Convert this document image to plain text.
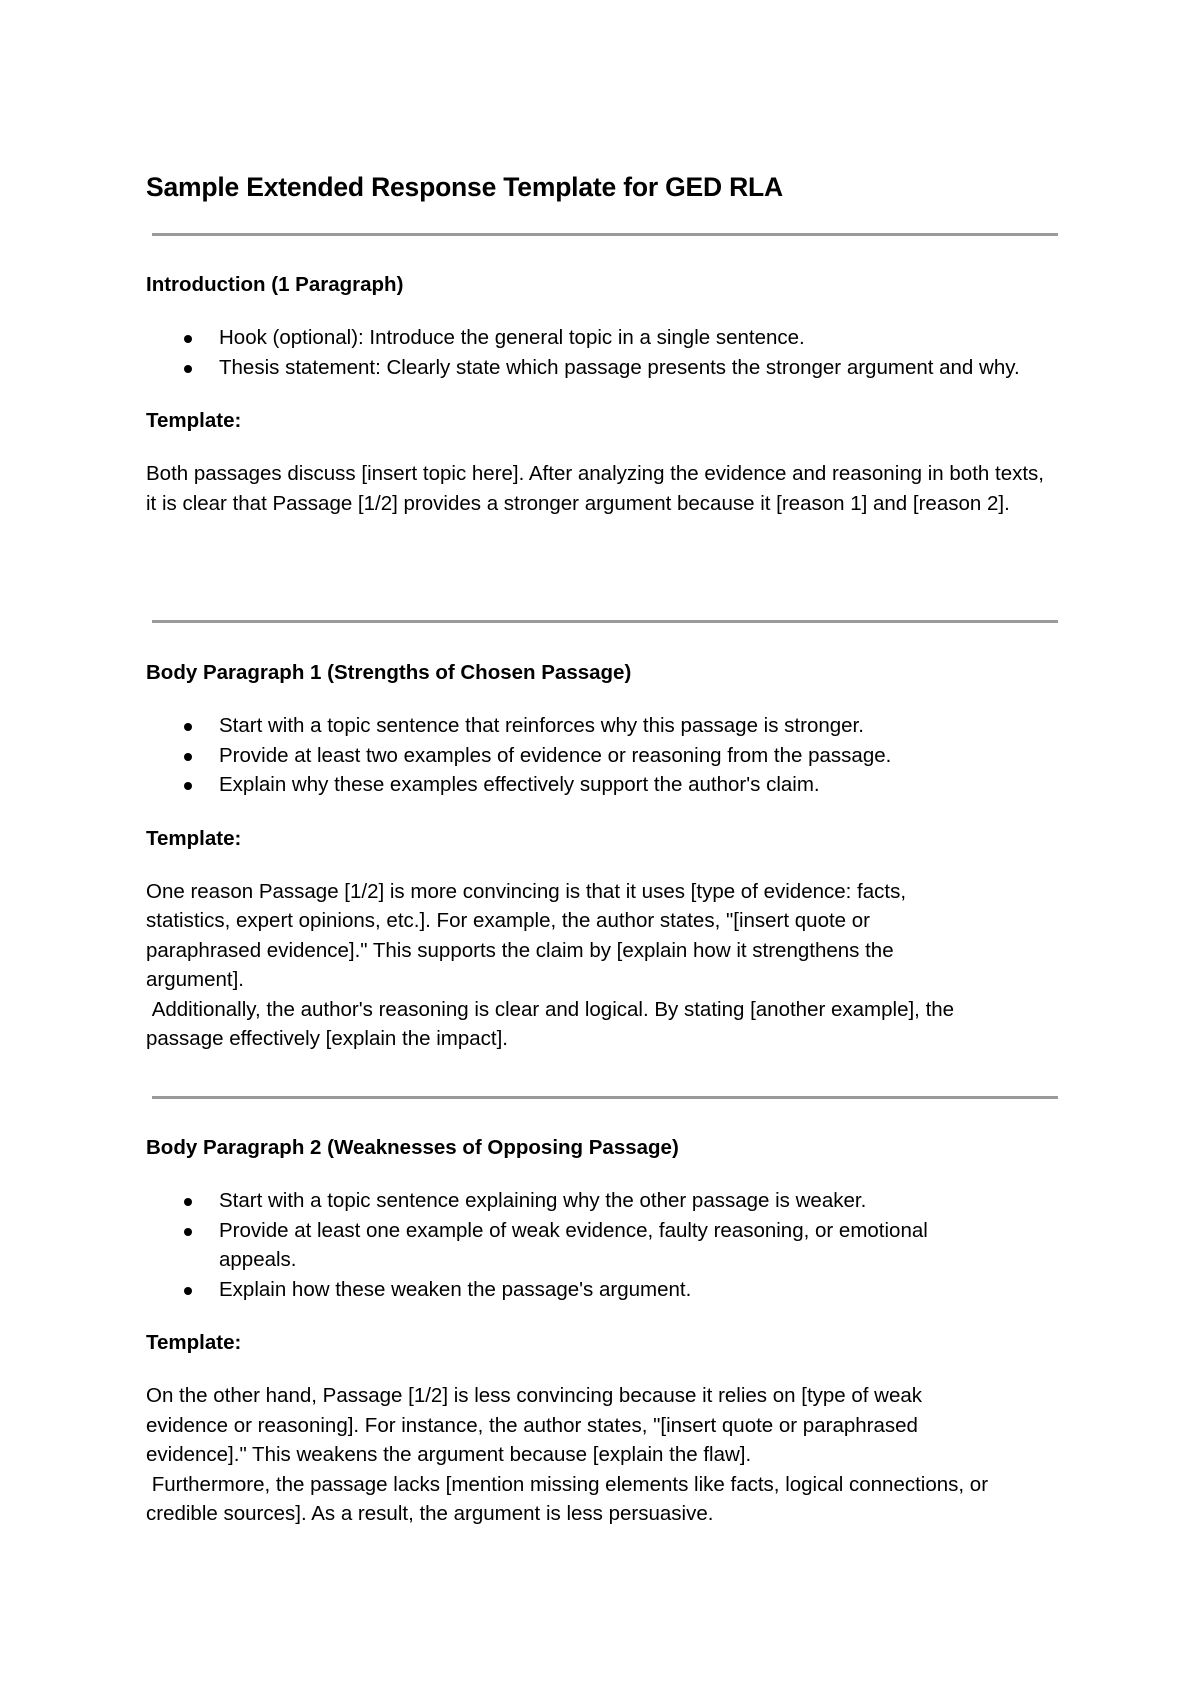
Sample Extended Response Template for GED RLA
Introduction (1 Paragraph)
Hook (optional): Introduce the general topic in a single sentence.
Thesis statement: Clearly state which passage presents the stronger argument and why.

Template:

Both passages discuss [insert topic here]. After analyzing the evidence and reasoning in both texts, it is clear that Passage [1/2] provides a stronger argument because it [reason 1] and [reason 2].

Body Paragraph 1 (Strengths of Chosen Passage)
Start with a topic sentence that reinforces why this passage is stronger.
Provide at least two examples of evidence or reasoning from the passage.
Explain why these examples effectively support the author's claim.

Template:

One reason Passage [1/2] is more convincing is that it uses [type of evidence: facts, statistics, expert opinions, etc.]. For example, the author states, "[insert quote or paraphrased evidence]." This supports the claim by [explain how it strengthens the argument].
Additionally, the author's reasoning is clear and logical. By stating [another example], the passage effectively [explain the impact].

Body Paragraph 2 (Weaknesses of Opposing Passage)
Start with a topic sentence explaining why the other passage is weaker.
Provide at least one example of weak evidence, faulty reasoning, or emotional appeals.
Explain how these weaken the passage's argument.

Template:

On the other hand, Passage [1/2] is less convincing because it relies on [type of weak evidence or reasoning]. For instance, the author states, "[insert quote or paraphrased evidence]." This weakens the argument because [explain the flaw].
Furthermore, the passage lacks [mention missing elements like facts, logical connections, or credible sources]. As a result, the argument is less persuasive.
